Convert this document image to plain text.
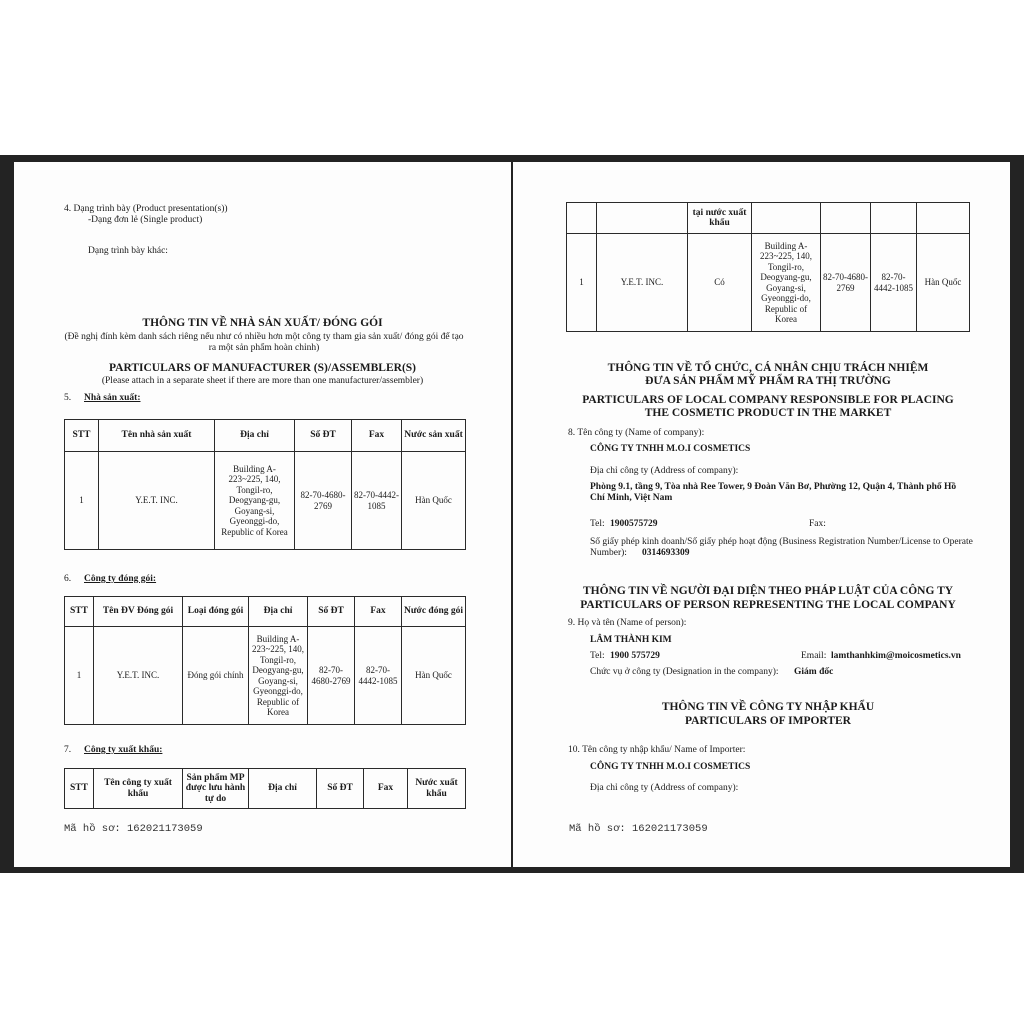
4. Dạng trình bày (Product presentation(s))
-Dạng đơn lẻ (Single product)
Dạng trình bày khác:
THÔNG TIN VỀ NHÀ SẢN XUẤT/ ĐÓNG GÓI
(Đề nghị đính kèm danh sách riêng nếu như có nhiều hơn một công ty tham gia sản xuất/ đóng gói để tạo ra một sản phẩm hoàn chỉnh)
PARTICULARS OF MANUFACTURER (S)/ASSEMBLER(S)
(Please attach in a separate sheet if there are more than one manufacturer/assembler)
5. Nhà sản xuất:
STT	Tên nhà sản xuất	Địa chỉ	Số ĐT	Fax	Nước sản xuất
1	Y.E.T. INC.	Building A-223~225, 140, Tongil-ro, Deogyang-gu, Goyang-si, Gyeonggi-do, Republic of Korea	82-70-4680-2769	82-70-4442-1085	Hàn Quốc
6. Công ty đóng gói:
STT	Tên ĐV Đóng gói	Loại đóng gói	Địa chỉ	Số ĐT	Fax	Nước đóng gói
1	Y.E.T. INC.	Đóng gói chính	Building A-223~225, 140, Tongil-ro, Deogyang-gu, Goyang-si, Gyeonggi-do, Republic of Korea	82-70-4680-2769	82-70-4442-1085	Hàn Quốc
7. Công ty xuất khẩu:
STT	Tên công ty xuất khẩu	Sản phẩm MP được lưu hành tự do	Địa chỉ	Số ĐT	Fax	Nước xuất khẩu
Mã hồ sơ: 162021173059
		tại nước xuất khẩu				
1	Y.E.T. INC.	Có	Building A-223~225, 140, Tongil-ro, Deogyang-gu, Goyang-si, Gyeonggi-do, Republic of Korea	82-70-4680-2769	82-70-4442-1085	Hàn Quốc
THÔNG TIN VỀ TỔ CHỨC, CÁ NHÂN CHỊU TRÁCH NHIỆM
ĐƯA SẢN PHẨM MỸ PHẨM RA THỊ TRƯỜNG
PARTICULARS OF LOCAL COMPANY RESPONSIBLE FOR PLACING
THE COSMETIC PRODUCT IN THE MARKET
8. Tên công ty (Name of company):
CÔNG TY TNHH M.O.I COSMETICS
Địa chỉ công ty (Address of company):
Phòng 9.1, tầng 9, Tòa nhà Ree Tower, 9 Đoàn Văn Bơ, Phường 12, Quận 4, Thành phố Hồ Chí Minh, Việt Nam
Tel: 1900575729	Fax:
Số giấy phép kinh doanh/Số giấy phép hoạt động (Business Registration Number/License to Operate Number):	0314693309
THÔNG TIN VỀ NGƯỜI ĐẠI DIỆN THEO PHÁP LUẬT CỦA CÔNG TY
PARTICULARS OF PERSON REPRESENTING THE LOCAL COMPANY
9. Họ và tên (Name of person):
LÂM THÀNH KIM
Tel: 1900 575729	Email: lamthanhkim@moicosmetics.vn
Chức vụ ở công ty (Designation in the company): Giám đốc
THÔNG TIN VỀ CÔNG TY NHẬP KHẨU
PARTICULARS OF IMPORTER
10. Tên công ty nhập khẩu/ Name of Importer:
CÔNG TY TNHH M.O.I COSMETICS
Địa chỉ công ty (Address of company):
Mã hồ sơ: 162021173059
